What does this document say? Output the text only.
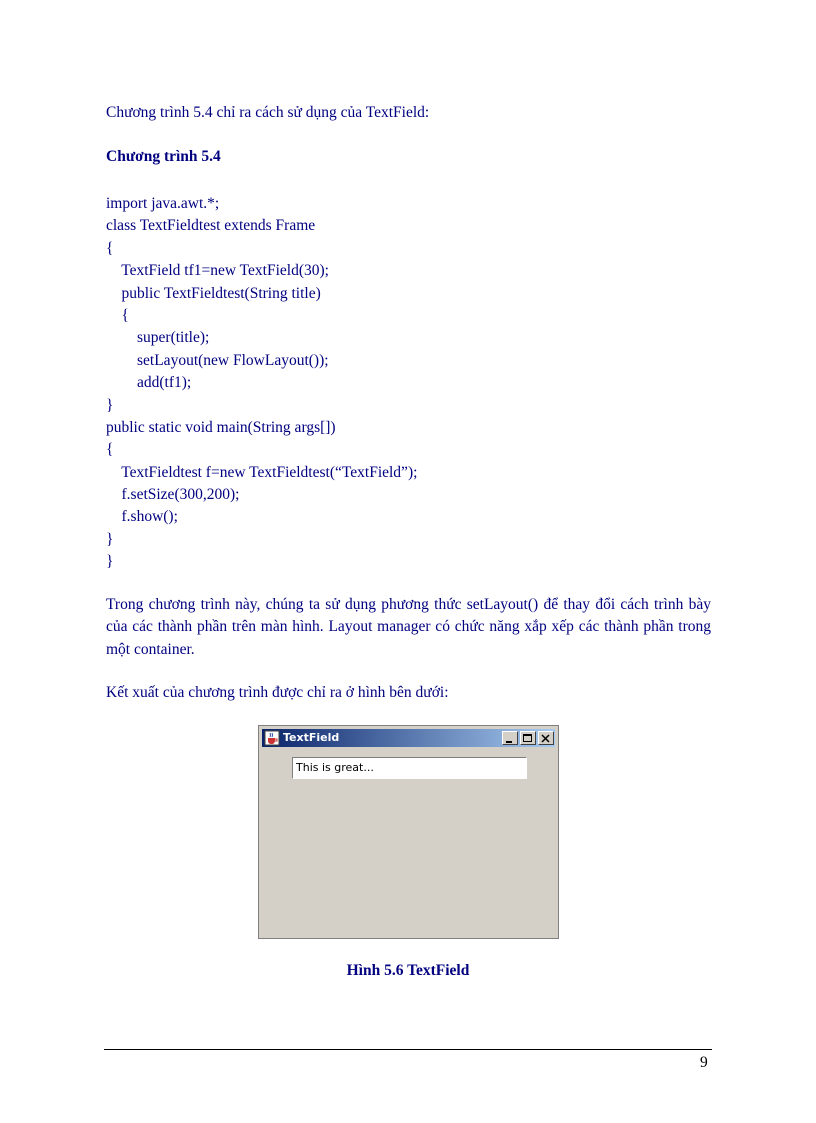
Chương trình 5.4 chỉ ra cách sử dụng của TextField:
Chương trình 5.4
import java.awt.*;
class TextFieldtest extends Frame
{
TextField tf1=new TextField(30);
public TextFieldtest(String title)
{
super(title);
setLayout(new FlowLayout());
add(tf1);
}
public static void main(String args[])
{
TextFieldtest f=new TextFieldtest(“TextField”);
f.setSize(300,200);
f.show();
}
}
Trong chương trình này, chúng ta sử dụng phương thức setLayout() để thay đổi cách trình bày của các thành phần trên màn hình. Layout manager có chức năng xắp xếp các thành phần trong một container.
Kết xuất của chương trình được chỉ ra ở hình bên dưới:
TextField
This is great...
Hình 5.6 TextField
9
